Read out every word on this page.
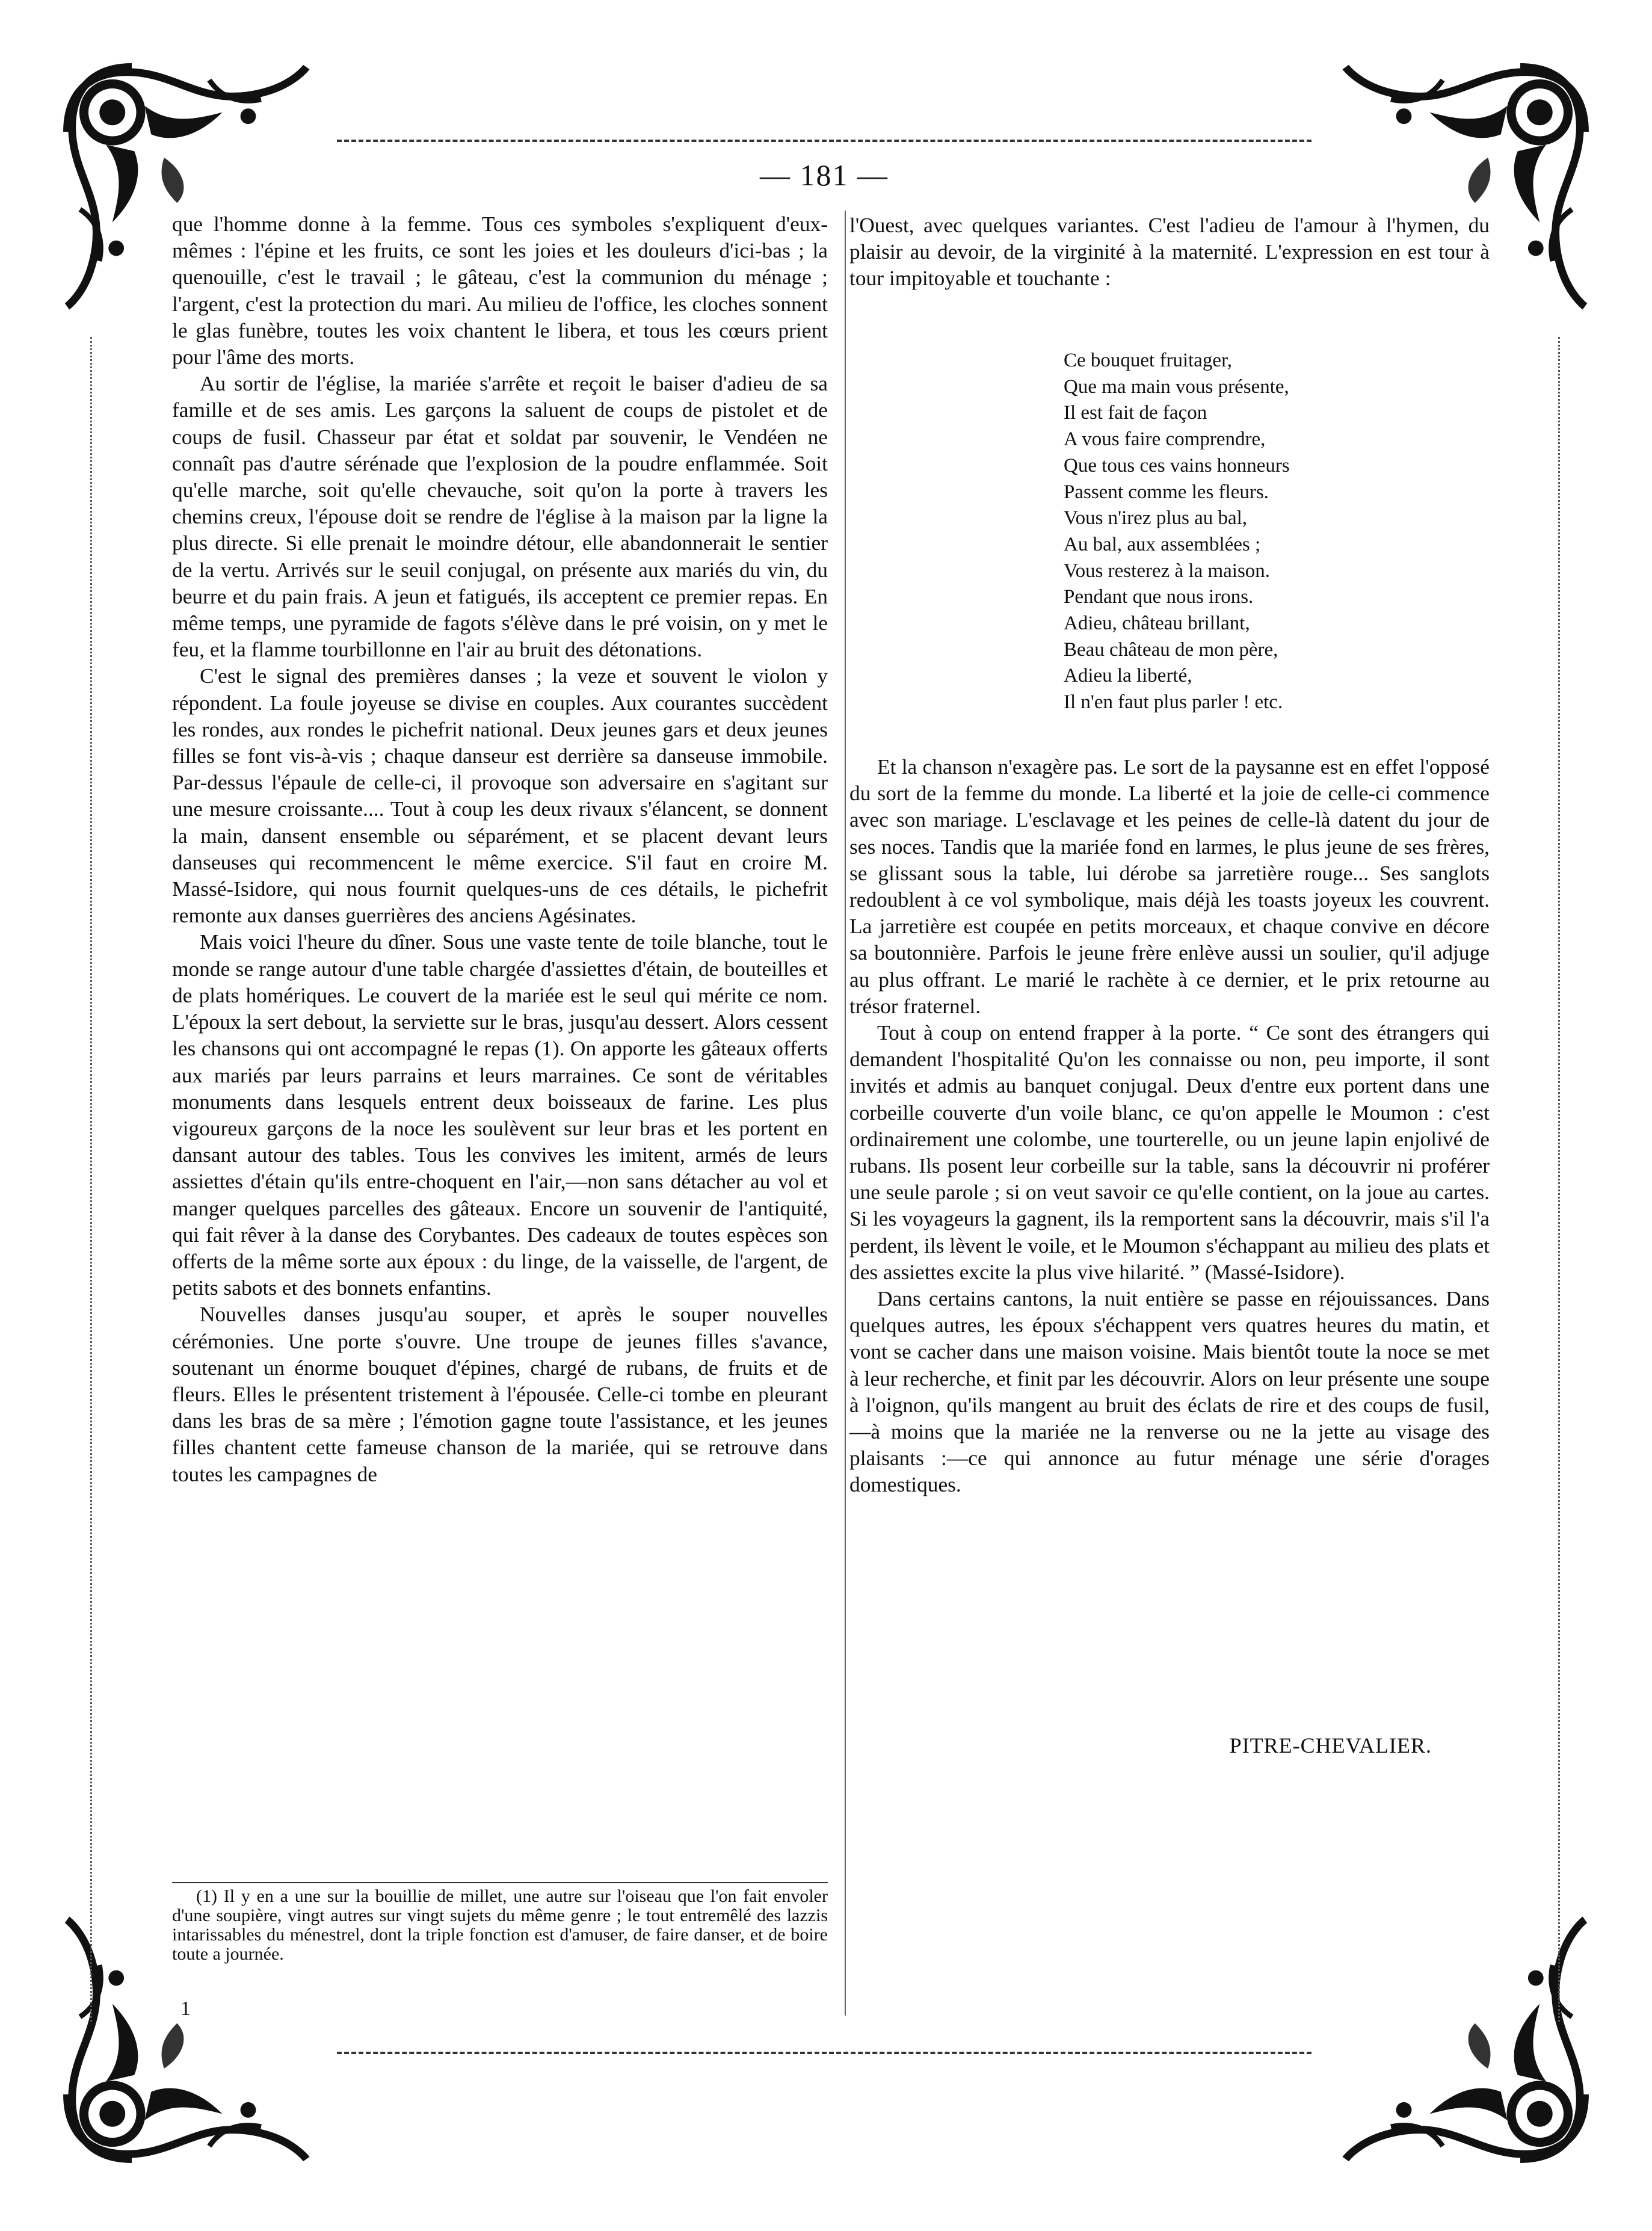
— 181 —

que l'homme donne à la femme. Tous ces symboles s'expliquent d'eux-mêmes : l'épine et les fruits, ce sont les joies et les douleurs d'ici-bas ; la quenouille, c'est le travail ; le gâteau, c'est la communion du ménage ; l'argent, c'est la protection du mari. Au milieu de l'office, les cloches sonnent le glas funèbre, toutes les voix chantent le libera, et tous les cœurs prient pour l'âme des morts.

Au sortir de l'église, la mariée s'arrête et reçoit le baiser d'adieu de sa famille et de ses amis. Les garçons la saluent de coups de pistolet et de coups de fusil. Chasseur par état et soldat par souvenir, le Vendéen ne connaît pas d'autre sérénade que l'explosion de la poudre enflammée. Soit qu'elle marche, soit qu'elle chevauche, soit qu'on la porte à travers les chemins creux, l'épouse doit se rendre de l'église à la maison par la ligne la plus directe. Si elle prenait le moindre détour, elle abandonnerait le sentier de la vertu. Arrivés sur le seuil conjugal, on présente aux mariés du vin, du beurre et du pain frais. A jeun et fatigués, ils acceptent ce premier repas. En même temps, une pyramide de fagots s'élève dans le pré voisin, on y met le feu, et la flamme tourbillonne en l'air au bruit des détonations.

C'est le signal des premières danses ; la veze et souvent le violon y répondent. La foule joyeuse se divise en couples. Aux courantes succèdent les rondes, aux rondes le pichefrit national. Deux jeunes gars et deux jeunes filles se font vis-à-vis ; chaque danseur est derrière sa danseuse immobile. Par-dessus l'épaule de celle-ci, il provoque son adversaire en s'agitant sur une mesure croissante.... Tout à coup les deux rivaux s'élancent, se donnent la main, dansent ensemble ou séparément, et se placent devant leurs danseuses qui recommencent le même exercice. S'il faut en croire M. Massé-Isidore, qui nous fournit quelques-uns de ces détails, le pichefrit remonte aux danses guerrières des anciens Agésinates.

Mais voici l'heure du dîner. Sous une vaste tente de toile blanche, tout le monde se range autour d'une table chargée d'assiettes d'étain, de bouteilles et de plats homériques. Le couvert de la mariée est le seul qui mérite ce nom. L'époux la sert debout, la serviette sur le bras, jusqu'au dessert. Alors cessent les chansons qui ont accompagné le repas (1). On apporte les gâteaux offerts aux mariés par leurs parrains et leurs marraines. Ce sont de véritables monuments dans lesquels entrent deux boisseaux de farine. Les plus vigoureux garçons de la noce les soulèvent sur leur bras et les portent en dansant autour des tables. Tous les convives les imitent, armés de leurs assiettes d'étain qu'ils entre-choquent en l'air,—non sans détacher au vol et manger quelques parcelles des gâteaux. Encore un souvenir de l'antiquité, qui fait rêver à la danse des Corybantes. Des cadeaux de toutes espèces son offerts de la même sorte aux époux : du linge, de la vaisselle, de l'argent, de petits sabots et des bonnets enfantins.

Nouvelles danses jusqu'au souper, et après le souper nouvelles cérémonies. Une porte s'ouvre. Une troupe de jeunes filles s'avance, soutenant un énorme bouquet d'épines, chargé de rubans, de fruits et de fleurs. Elles le présentent tristement à l'épousée. Celle-ci tombe en pleurant dans les bras de sa mère ; l'émotion gagne toute l'assistance, et les jeunes filles chantent cette fameuse chanson de la mariée, qui se retrouve dans toutes les campagnes de

l'Ouest, avec quelques variantes. C'est l'adieu de l'amour à l'hymen, du plaisir au devoir, de la virginité à la maternité. L'expression en est tour à tour impitoyable et touchante :

Ce bouquet fruitager,
Que ma main vous présente,
Il est fait de façon
A vous faire comprendre,
Que tous ces vains honneurs
Passent comme les fleurs.
Vous n'irez plus au bal,
Au bal, aux assemblées ;
Vous resterez à la maison.
Pendant que nous irons.
Adieu, château brillant,
Beau château de mon père,
Adieu la liberté,
Il n'en faut plus parler ! etc.

Et la chanson n'exagère pas. Le sort de la paysanne est en effet l'opposé du sort de la femme du monde. La liberté et la joie de celle-ci commence avec son mariage. L'esclavage et les peines de celle-là datent du jour de ses noces. Tandis que la mariée fond en larmes, le plus jeune de ses frères, se glissant sous la table, lui dérobe sa jarretière rouge... Ses sanglots redoublent à ce vol symbolique, mais déjà les toasts joyeux les couvrent. La jarretière est coupée en petits morceaux, et chaque convive en décore sa boutonnière. Parfois le jeune frère enlève aussi un soulier, qu'il adjuge au plus offrant. Le marié le rachète à ce dernier, et le prix retourne au trésor fraternel.

Tout à coup on entend frapper à la porte. “ Ce sont des étrangers qui demandent l'hospitalité Qu'on les connaisse ou non, peu importe, il sont invités et admis au banquet conjugal. Deux d'entre eux portent dans une corbeille couverte d'un voile blanc, ce qu'on appelle le Moumon : c'est ordinairement une colombe, une tourterelle, ou un jeune lapin enjolivé de rubans. Ils posent leur corbeille sur la table, sans la découvrir ni proférer une seule parole ; si on veut savoir ce qu'elle contient, on la joue au cartes. Si les voyageurs la gagnent, ils la remportent sans la découvrir, mais s'il l'a perdent, ils lèvent le voile, et le Moumon s'échappant au milieu des plats et des assiettes excite la plus vive hilarité. ” (Massé-Isidore).

Dans certains cantons, la nuit entière se passe en réjouissances. Dans quelques autres, les époux s'échappent vers quatres heures du matin, et vont se cacher dans une maison voisine. Mais bientôt toute la noce se met à leur recherche, et finit par les découvrir. Alors on leur présente une soupe à l'oignon, qu'ils mangent au bruit des éclats de rire et des coups de fusil,—à moins que la mariée ne la renverse ou ne la jette au visage des plaisants :—ce qui annonce au futur ménage une série d'orages domestiques.

PITRE-CHEVALIER.

(1) Il y en a une sur la bouillie de millet, une autre sur l'oiseau que l'on fait envoler d'une soupière, vingt autres sur vingt sujets du même genre ; le tout entremêlé des lazzis intarissables du ménestrel, dont la triple fonction est d'amuser, de faire danser, et de boire toute a journée.

1
